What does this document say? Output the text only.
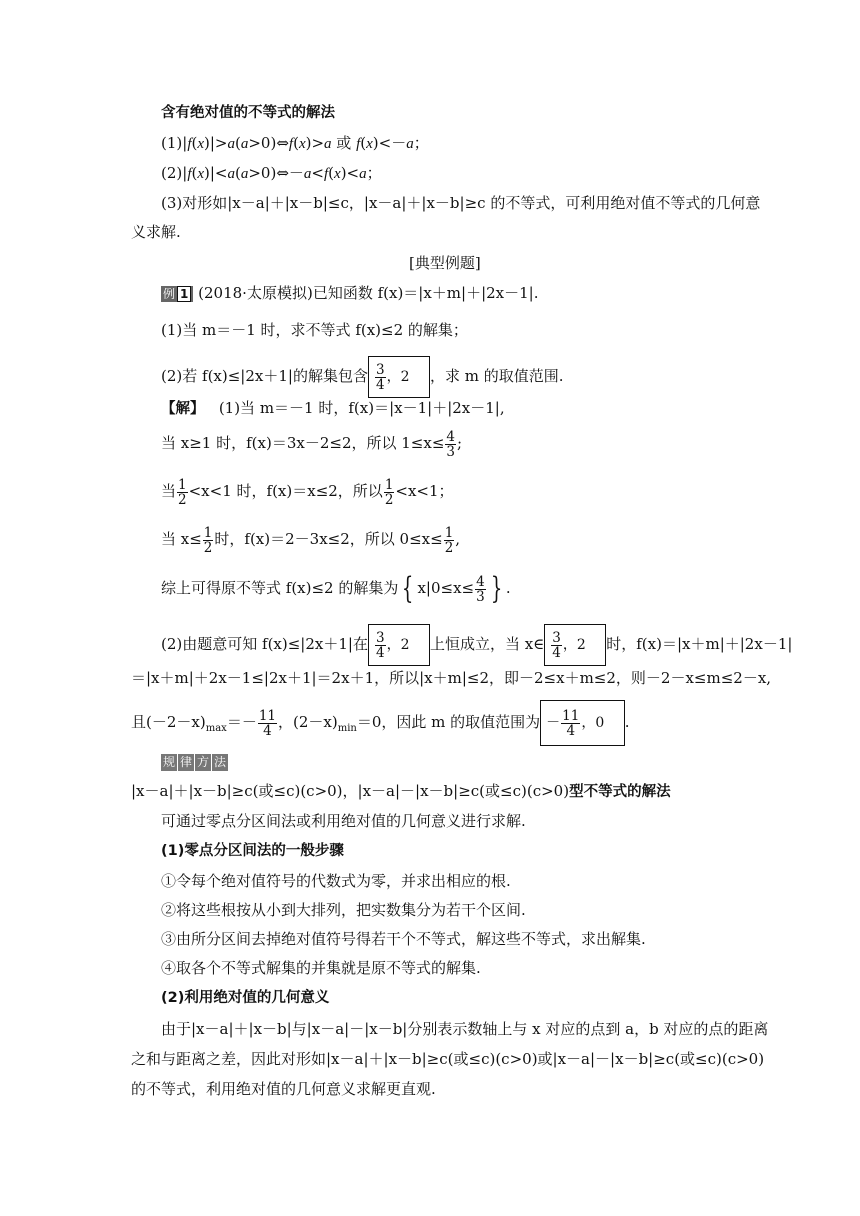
含有绝对值的不等式的解法
(1)|f(x)|>a(a>0)⇔f(x)>a 或 f(x)<－a；
(2)|f(x)|<a(a>0)⇔－a<f(x)<a；
(3)对形如|x－a|＋|x－b|≤c，|x－a|＋|x－b|≥c 的不等式，可利用绝对值不等式的几何意
义求解.
[典型例题]
例 1 (2018·太原模拟)已知函数 f(x)＝|x＋m|＋|2x－1|.
(1)当 m＝－1 时，求不等式 f(x)≤2 的解集；
(2)若 f(x)≤|2x＋1|的解集包含 $\frac{3}{4}$ ，2 ，求 m 的取值范围.
【解】 (1)当 m＝－1 时，f(x)＝|x－1|＋|2x－1|,
当 x≥1 时，f(x)＝3x－2≤2，所以 $1\le x\le \frac{4}{3}$ ;
当 $\frac{1}{2} <x<1$ 时，f(x)＝x≤2，所以 $\frac{1}{2} <x<1$；
当 $x\le \frac{1}{2}$ 时，f(x)＝2－3x≤2，所以 $0\le x\le \frac{1}{2}$ ,
综上可得原不等式 f(x)≤2 的解集为 { $x|0\le x\le \frac{4}{3}$ } .
(2)由题意可知 f(x)≤|2x＋1|在 $\frac{3}{4}$ ，2 上恒成立，当 x∈ $\frac{3}{4}$ ，2 时，f(x)＝|x＋m|＋|2x－1|
＝|x＋m|＋2x－1≤|2x＋1|＝2x＋1，所以|x＋m|≤2，即－2≤x＋m≤2，则－2－x≤m≤2－x,
且$(-2-x)_{max}=- \frac{11}{4}$ ，$(2-x)_{min}=0$，因此 m 的取值范围为 － $\frac{11}{4}$ ，0 .
规 律 方 法
|x－a|＋|x－b|≥c(或≤c)(c>0)，|x－a|－|x－b|≥c(或≤c)(c>0)型不等式的解法
可通过零点分区间法或利用绝对值的几何意义进行求解.
(1)零点分区间法的一般步骤
①令每个绝对值符号的代数式为零，并求出相应的根.
②将这些根按从小到大排列，把实数集分为若干个区间.
③由所分区间去掉绝对值符号得若干个不等式，解这些不等式，求出解集.
④取各个不等式解集的并集就是原不等式的解集.
(2)利用绝对值的几何意义
由于|x－a|＋|x－b|与|x－a|－|x－b|分别表示数轴上与 x 对应的点到 a，b 对应的点的距离
之和与距离之差，因此对形如|x－a|＋|x－b|≥c(或≤c)(c>0)或|x－a|－|x－b|≥c(或≤c)(c>0)
的不等式，利用绝对值的几何意义求解更直观.
